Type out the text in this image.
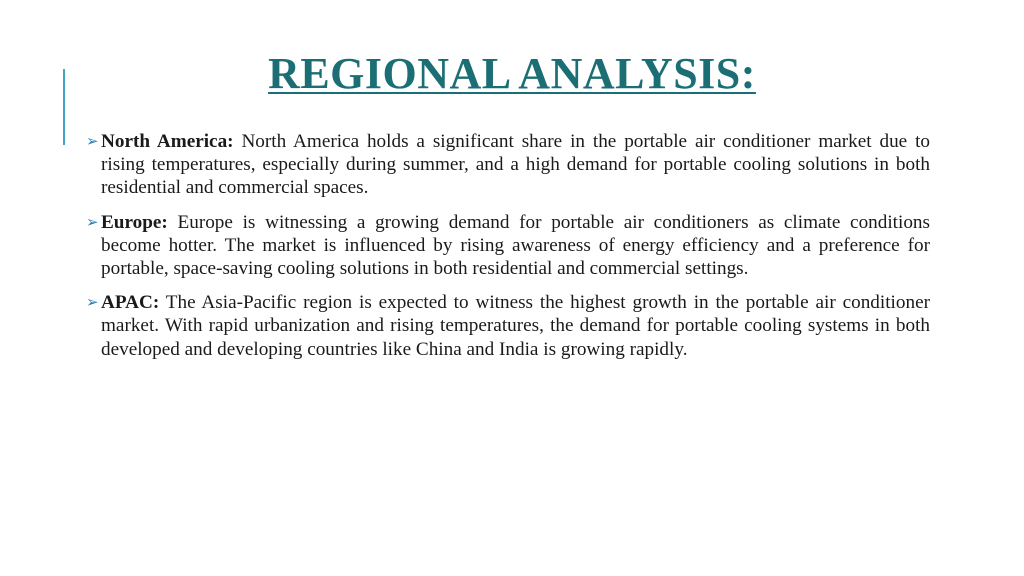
REGIONAL ANALYSIS:
➢ North America: North America holds a significant share in the portable air conditioner market due to rising temperatures, especially during summer, and a high demand for portable cooling solutions in both residential and commercial spaces.
➢ Europe: Europe is witnessing a growing demand for portable air conditioners as climate conditions become hotter. The market is influenced by rising awareness of energy efficiency and a preference for portable, space-saving cooling solutions in both residential and commercial settings.
➢ APAC: The Asia-Pacific region is expected to witness the highest growth in the portable air conditioner market. With rapid urbanization and rising temperatures, the demand for portable cooling systems in both developed and developing countries like China and India is growing rapidly.
